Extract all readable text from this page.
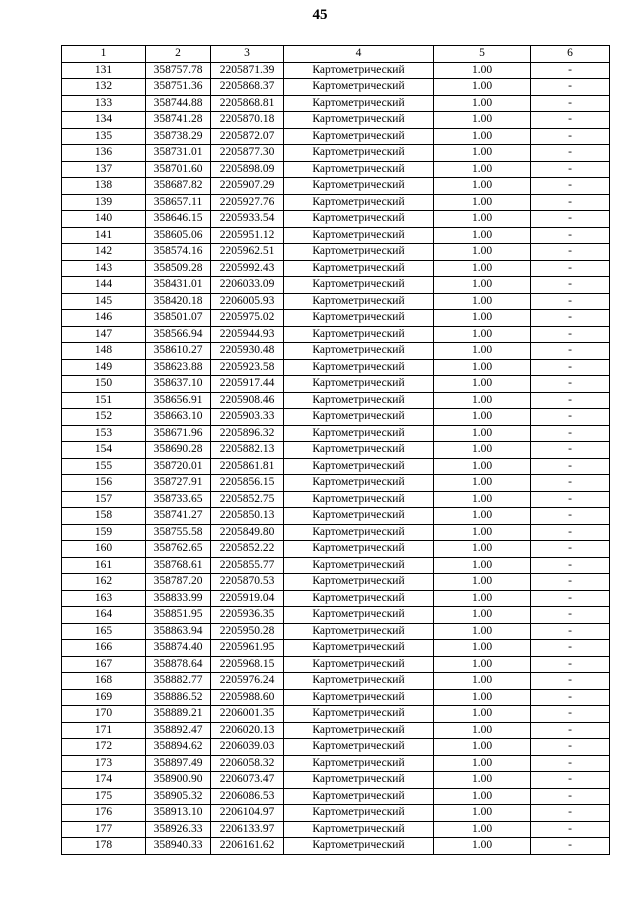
45
1	2	3	4	5	6
131	358757.78	2205871.39	Картометрический	1.00	-
132	358751.36	2205868.37	Картометрический	1.00	-
133	358744.88	2205868.81	Картометрический	1.00	-
134	358741.28	2205870.18	Картометрический	1.00	-
135	358738.29	2205872.07	Картометрический	1.00	-
136	358731.01	2205877.30	Картометрический	1.00	-
137	358701.60	2205898.09	Картометрический	1.00	-
138	358687.82	2205907.29	Картометрический	1.00	-
139	358657.11	2205927.76	Картометрический	1.00	-
140	358646.15	2205933.54	Картометрический	1.00	-
141	358605.06	2205951.12	Картометрический	1.00	-
142	358574.16	2205962.51	Картометрический	1.00	-
143	358509.28	2205992.43	Картометрический	1.00	-
144	358431.01	2206033.09	Картометрический	1.00	-
145	358420.18	2206005.93	Картометрический	1.00	-
146	358501.07	2205975.02	Картометрический	1.00	-
147	358566.94	2205944.93	Картометрический	1.00	-
148	358610.27	2205930.48	Картометрический	1.00	-
149	358623.88	2205923.58	Картометрический	1.00	-
150	358637.10	2205917.44	Картометрический	1.00	-
151	358656.91	2205908.46	Картометрический	1.00	-
152	358663.10	2205903.33	Картометрический	1.00	-
153	358671.96	2205896.32	Картометрический	1.00	-
154	358690.28	2205882.13	Картометрический	1.00	-
155	358720.01	2205861.81	Картометрический	1.00	-
156	358727.91	2205856.15	Картометрический	1.00	-
157	358733.65	2205852.75	Картометрический	1.00	-
158	358741.27	2205850.13	Картометрический	1.00	-
159	358755.58	2205849.80	Картометрический	1.00	-
160	358762.65	2205852.22	Картометрический	1.00	-
161	358768.61	2205855.77	Картометрический	1.00	-
162	358787.20	2205870.53	Картометрический	1.00	-
163	358833.99	2205919.04	Картометрический	1.00	-
164	358851.95	2205936.35	Картометрический	1.00	-
165	358863.94	2205950.28	Картометрический	1.00	-
166	358874.40	2205961.95	Картометрический	1.00	-
167	358878.64	2205968.15	Картометрический	1.00	-
168	358882.77	2205976.24	Картометрический	1.00	-
169	358886.52	2205988.60	Картометрический	1.00	-
170	358889.21	2206001.35	Картометрический	1.00	-
171	358892.47	2206020.13	Картометрический	1.00	-
172	358894.62	2206039.03	Картометрический	1.00	-
173	358897.49	2206058.32	Картометрический	1.00	-
174	358900.90	2206073.47	Картометрический	1.00	-
175	358905.32	2206086.53	Картометрический	1.00	-
176	358913.10	2206104.97	Картометрический	1.00	-
177	358926.33	2206133.97	Картометрический	1.00	-
178	358940.33	2206161.62	Картометрический	1.00	-
